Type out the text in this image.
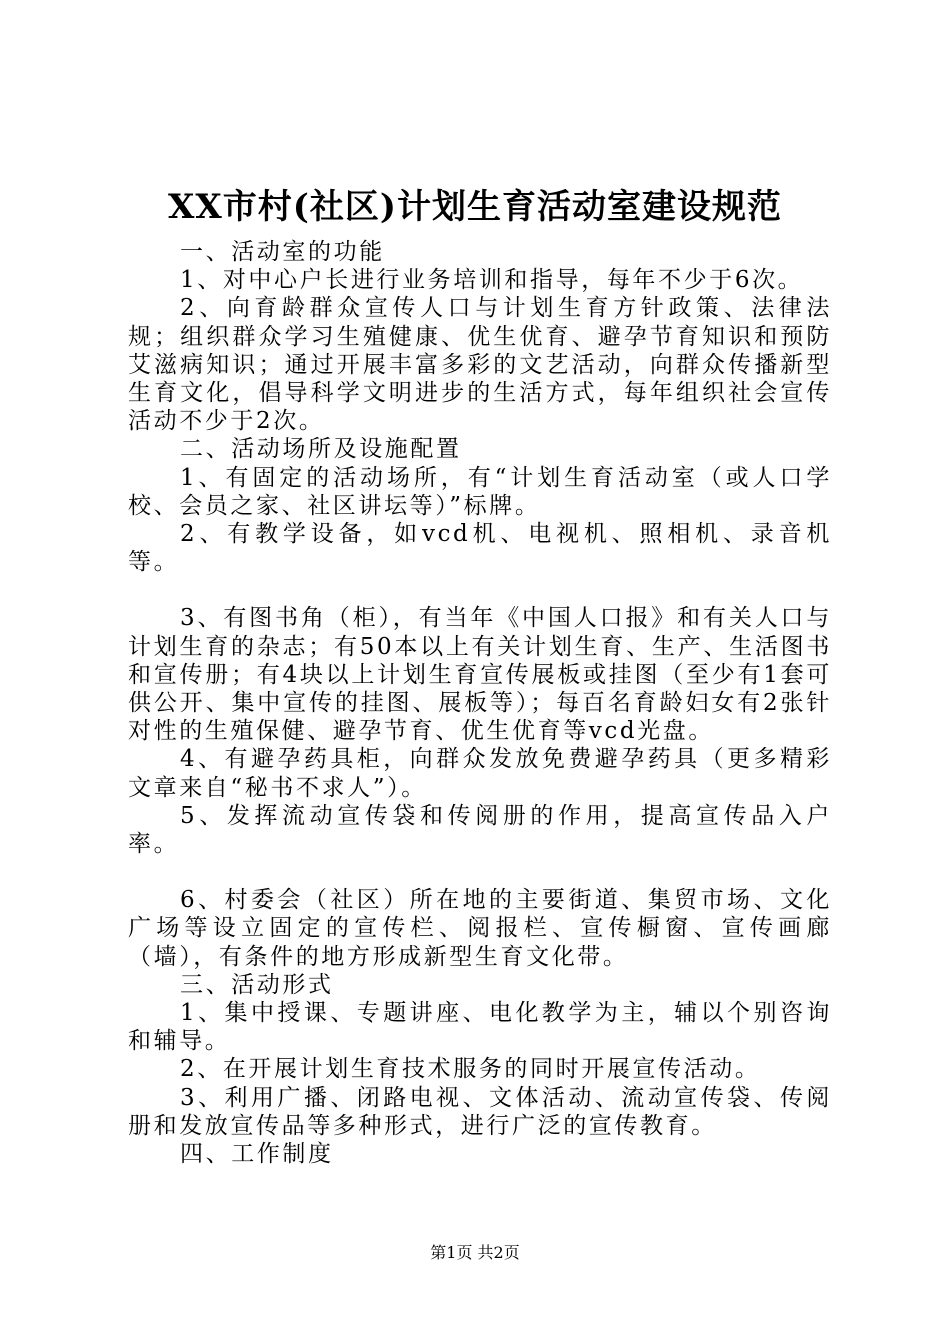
XX市村(社区)计划生育活动室建设规范

一、活动室的功能

1、对中心户长进行业务培训和指导，每年不少于6次。

2、向育龄群众宣传人口与计划生育方针政策、法律法规；组织群众学习生殖健康、优生优育、避孕节育知识和预防艾滋病知识；通过开展丰富多彩的文艺活动，向群众传播新型生育文化，倡导科学文明进步的生活方式，每年组织社会宣传活动不少于2次。

二、活动场所及设施配置

1、有固定的活动场所，有“计划生育活动室（或人口学校、会员之家、社区讲坛等）”标牌。

2、有教学设备，如vcd机、电视机、照相机、录音机等。

3、有图书角（柜），有当年《中国人口报》和有关人口与计划生育的杂志；有50本以上有关计划生育、生产、生活图书和宣传册；有4块以上计划生育宣传展板或挂图（至少有1套可供公开、集中宣传的挂图、展板等）；每百名育龄妇女有2张针对性的生殖保健、避孕节育、优生优育等vcd光盘。

4、有避孕药具柜，向群众发放免费避孕药具（更多精彩文章来自“秘书不求人”）。

5、发挥流动宣传袋和传阅册的作用，提高宣传品入户率。

6、村委会（社区）所在地的主要街道、集贸市场、文化广场等设立固定的宣传栏、阅报栏、宣传橱窗、宣传画廊（墙），有条件的地方形成新型生育文化带。

三、活动形式

1、集中授课、专题讲座、电化教学为主，辅以个别咨询和辅导。

2、在开展计划生育技术服务的同时开展宣传活动。

3、利用广播、闭路电视、文体活动、流动宣传袋、传阅册和发放宣传品等多种形式，进行广泛的宣传教育。

四、工作制度

第1页 共2页
